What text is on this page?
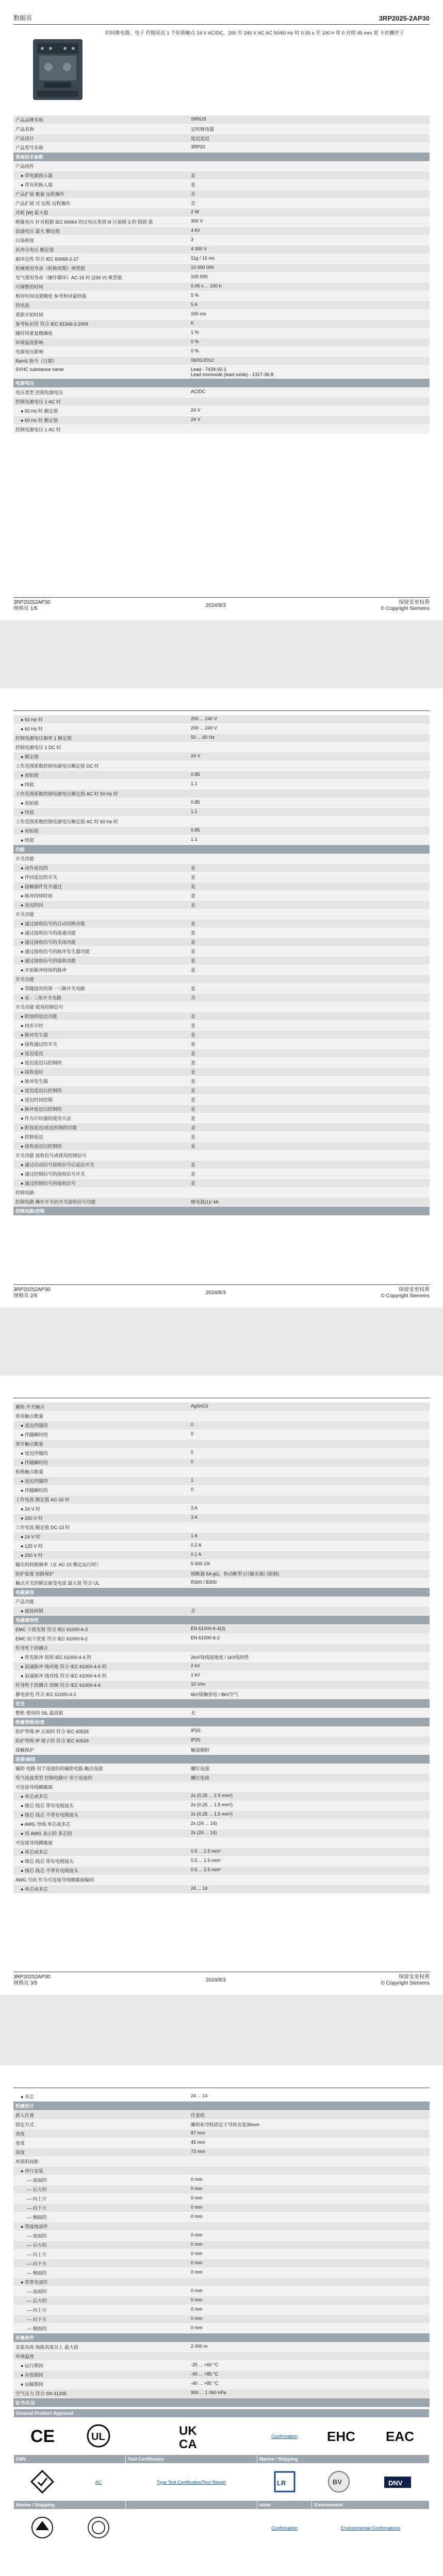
数据页	3RP2025-2AP30
时间继电器，电子 伴随延迟 1 个转换触点 24 V AC/DC，200 至 240 V AC AC 50/60 Hz 时 0.05 s 至 100 h 带 0 对照 45 mm 宽 卡扣螺丝子
产品品牌名称	SIRIUS
产品名称	定时继电器
产品设计	延迟延迟
产品型号名称	3RP20
常规技术参数	
产品组件	
● 带电源指示器	是
● 带有转换入端	是
产品扩展 数量 远程操作	否
产品扩展 可 远程 远程操作	否
功耗 [W] 最大值	2 W
绝缘电压 针对根据 IEC 60664 的过电压类别 III 污染级 3 的 阻值 值	300 V
浪涌电压 最大 额定值	4 kV
污染程度	3
抗冲击电压 额定值	4 000 V
耐冲击性 符合 IEC 60068-2-27	11g / 15 ms
机械使用寿命（转换周期）典型值	10 000 000
电气使用寿命（操作循环）AC-15 时 (230 V) 典型值	100 000
可调整的时间	0.05 s ... 100 h
相对时间设置精度 参考相对最终值	5 %
热电流	5 A
重新开始时间	150 ms
参考标识符 符合 IEC 81346-2:2009	K
随时间重复精确度	1 %
环境温度影响	0 %
电源电压影响	0 %
RoHS 指令（日期）	06/01/2012
SVHC substance name	Lead - 7439-92-1
Lead monoxide (lead oxide) - 1317-36-8
电源电压	
电压类型 控制电源电压	AC/DC
控制电源电压 1 AC 时	
● 50 Hz 时 额定值	24 V
● 60 Hz 时 额定值	24 V
控制电源电压 1 AC 时	
3RP20252AP30
规格页 1/5
2024/8/3
保留变更权利
© Copyright Siemens
● 50 Hz 时	200 ... 240 V
● 60 Hz 时	200 ... 240 V
控制电源电压频率 1 额定值	50 ... 60 Hz
控制电源电压 1 DC 时	
● 额定值	24 V
工作范围系数控制电源电压额定值 DC 时	
● 初始值	0.85
● 终值	1.1
工作范围系数控制电源电压额定值 AC 时 50 Hz 时	
● 初始值	0.85
● 终值	1.1
工作范围系数控制电源电压额定值 AC 时 60 Hz 时	
● 初始值	0.85
● 终值	1.1
功能	
开关功能	
● 动作延迟的	是
● 伴回延迟的开关	是
● 接触器件发开通过	是
● 脉冲持续时间	是
● 延迟的回	是
开关功能	
● 通过接收信号的自动切换功能	是
● 通过接收信号的接通功能	是
● 通过接收信号的关闭功能	是
● 通过接收信号的脉冲发生器功能	是
● 通过接收信号的接收功能	是
● 开始脉冲持续的脉冲	是
开关功能	
● 带随接的的第一三脚开关电路	是
● 星 - 三角开关电路	否
开关功能 使用控制信号	
● 附加的延迟功能	是
● 同步计时	是
● 脉冲发生器	是
● 接收通过的开关	是
● 延迟延迟	是
● 延迟延迟以控制的	是
● 接收延时	是
● 脉冲发生器	是
● 延迟延迟以控制的	是
● 延迟时间控制	是
● 脉冲延迟以控制的	是
● 作为计时器的使用方法	是
● 附加延迟/延迟控制的功能	是
● 控制延迟	是
● 接收延迟以控制的	是
开关功能 接收信号或使用控制信号	
● 通过启动信号接收信号后延迟开关	是
● 通过控制信号的接收信号开关	是
● 通过控制信号的接收信号	是
控制电路	
控制电路 操作开关的开关接收信号功能	继电器(1)/ 4A
控制电路/控制	
3RP20252AP30
规格页 2/5
2024/8/3
保留变更权利
© Copyright Siemens
辅助 开关触点	AgSnO2
常用触点数量	
● 延迟伴随的	0
● 伴随瞬时的	0
常开触点数量	
● 延迟伴随的	0
● 伴随瞬时的	0
转换触点数量	
● 延迟伴随的	1
● 伴随瞬时的	0
工作电流 额定值 AC-15 时	
● 24 V 时	3 A
● 250 V 时	3 A
工作电流 额定值 DC-13 时	
● 24 V 时	1 A
● 125 V 时	0.2 A
● 250 V 时	0.1 A
输出的转换频率（在 AC-15 额定运行时）	5 000 1/h
防护装置 短路保护	熔断器 5A gG，快动断型 (只输出端口限制)
触点开关的额定耐受电流 最大值 符合 UL	R300 / B300
电磁兼容	
产品功能	
● 滤波抑制	否
电磁兼容性	
EMC 干扰发射 符合 IEC 61000-6-3	EN 61000-6-4(3)
EMC 抗干扰度 符合 IEC 61000-6-2	EN 61000-6-2
传导性干扰耦合	
● 猝发脉冲 按照 IEC 61000-4-4 的	2kV/每线接地度 / 1kV线间性
● 浪涌脉冲 线对地 符合 IEC 61000-4-5 的	2 kV
● 浪涌脉冲 线对线 符合 IEC 61000-4-5 的	1 kV
传导性干扰耦合 高频 符合 IEC 61000-4-6	10 V/m
静电放电 符合 IEC 61000-4-2	6kV接触放电 / 8kV空气
安全	
整机 使用的 SIL 最高值	无
绝缘等级/标准	
防护等级 IP 正面的 符合 IEC 60529	IP20
防护等级 IP 端子的 符合 IEC 60529	IP20
接触保护	触部极附
连接/接线	
辅助 电路 用于连接的的辅助电路 触点连接	螺钉连接
电气连接类型 控制电路中 用于连接的	螺钉连接
可连接导线横截面	
● 单芯或多芯	2x (0.25 ... 2.5 mm²)
● 细芯 线芯 带有电缆接头	2x (0.25 ... 1.5 mm²)
● 细芯 线芯 不带有电缆接头	2x (0.25 ... 1.5 mm²)
● AWG 导线 单芯或多芯	2x (24 ... 14)
● 用 AWG 表示的 多芯的	2x (24 ... 14)
可连接导线横截面	
● 单芯或多芯	0.5 ... 2.5 mm²
● 细芯 线芯 带有电缆接头	0.5 ... 1.5 mm²
● 细芯 线芯 不带有电缆接头	0.5 ... 2.5 mm²
AWG 号码 作为可连接导线横截面编码	
● 单芯或多芯	24 ... 14
3RP20252AP30
规格页 3/5
2024/8/3
保留变更权利
© Copyright Siemens
● 多芯	24 ... 14
机械设计	
嵌入位置	任意的
固定方式	螺栓和导轨固定于导轨安装35mm
高度	87 mm
宽度	45 mm
深度	73 mm
所需的间距	
● 串行安装	
— 前面的	0 mm
— 后方的	0 mm
— 向上方	0 mm
— 向下方	0 mm
— 侧面的	0 mm
● 带接地部件	
— 前面的	0 mm
— 后方的	0 mm
— 向上方	0 mm
— 向下方	0 mm
— 侧面的	0 mm
● 带带电部件	
— 前面的	0 mm
— 后方的	0 mm
— 向上方	0 mm
— 向下方	0 mm
— 侧面的	0 mm
环境条件	
安装高度 海拔高度以上 最大值	2 000 m
环境温度	
● 运行期间	-25 ... +60 °C
● 存放期间	-40 ... +85 °C
● 运输期间	-40 ... +85 °C
空气压力 符合 SN 31205	900 ... 1 060 hPa
证书/认证	
General Product Approval					

CE	UL	UK
CA	Confirmation	EHC	EAC

EMV		Test Certificates	Marine / Shipping		
	AC	Type Test Certificates/Test Report	LR	BV	DNV

Marine / Shipping			other	Environment	
			Confirmation	Environmental Confirmations	
